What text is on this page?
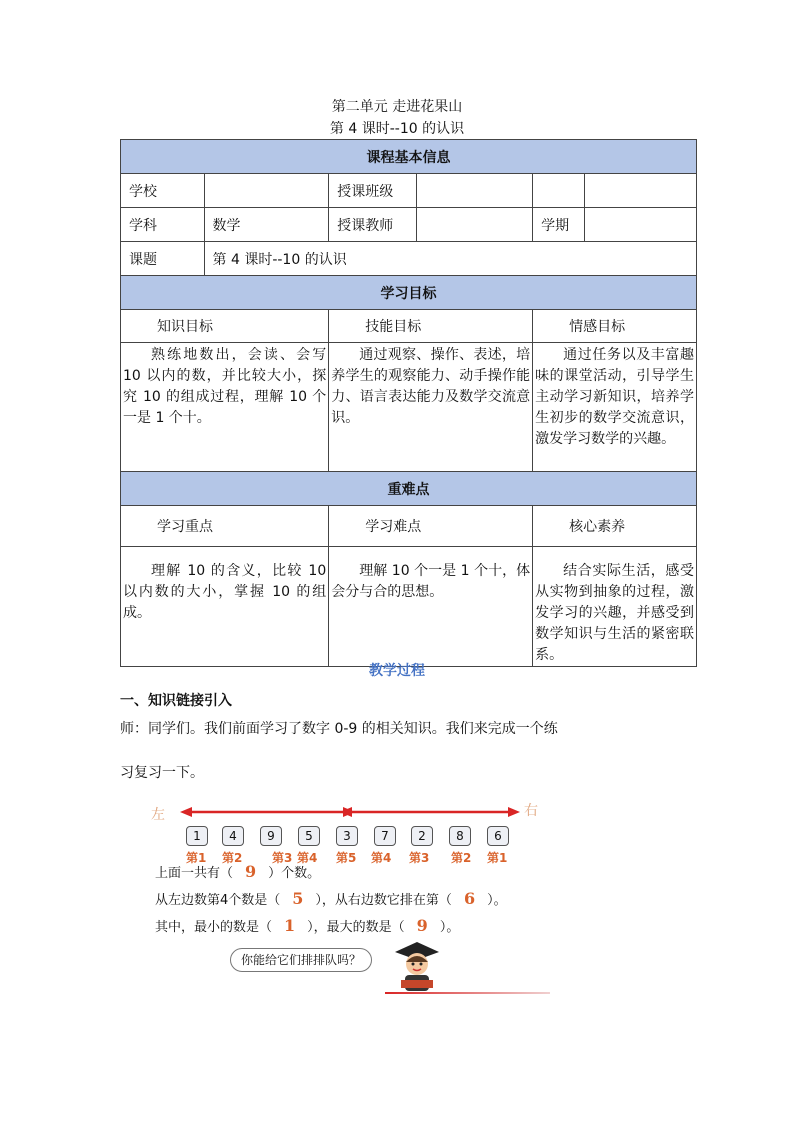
第二单元 走进花果山
第 4 课时--10 的认识
课程基本信息					
学校		授课班级			
学科	数学	授课教师		学期	
课题	第 4 课时--10 的认识				
学习目标					
知识目标		技能目标		情感目标	
熟练地数出，会读、会写 10 以内的数，并比较大小，探究 10 的组成过程，理解 10 个一是 1 个十。		通过观察、操作、表述，培养学生的观察能力、动手操作能力、语言表达能力及数学交流意识。		通过任务以及丰富趣味的课堂活动，引导学生主动学习新知识，培养学生初步的数学交流意识，激发学习数学的兴趣。	
重难点					
学习重点		学习难点		核心素养	
理解 10 的含义，比较 10 以内数的大小，掌握 10 的组成。		理解 10 个一是 1 个十，体会分与合的思想。		结合实际生活，感受从实物到抽象的过程，激发学习的兴趣，并感受到数学知识与生活的紧密联系。	
教学过程
一、知识链接引入
师：同学们。我们前面学习了数字 0-9 的相关知识。我们来完成一个练
习复习一下。
左	右
1	4	9	5	3	7	2	8	6
第1 第2 第3 第4 第5 第4 第3 第2 第1
上面一共有（ 9 ）个数。
从左边数第4个数是（ 5 ），从右边数它排在第（ 6 ）。
其中，最小的数是（ 1 ），最大的数是（ 9 ）。
你能给它们排排队吗？
